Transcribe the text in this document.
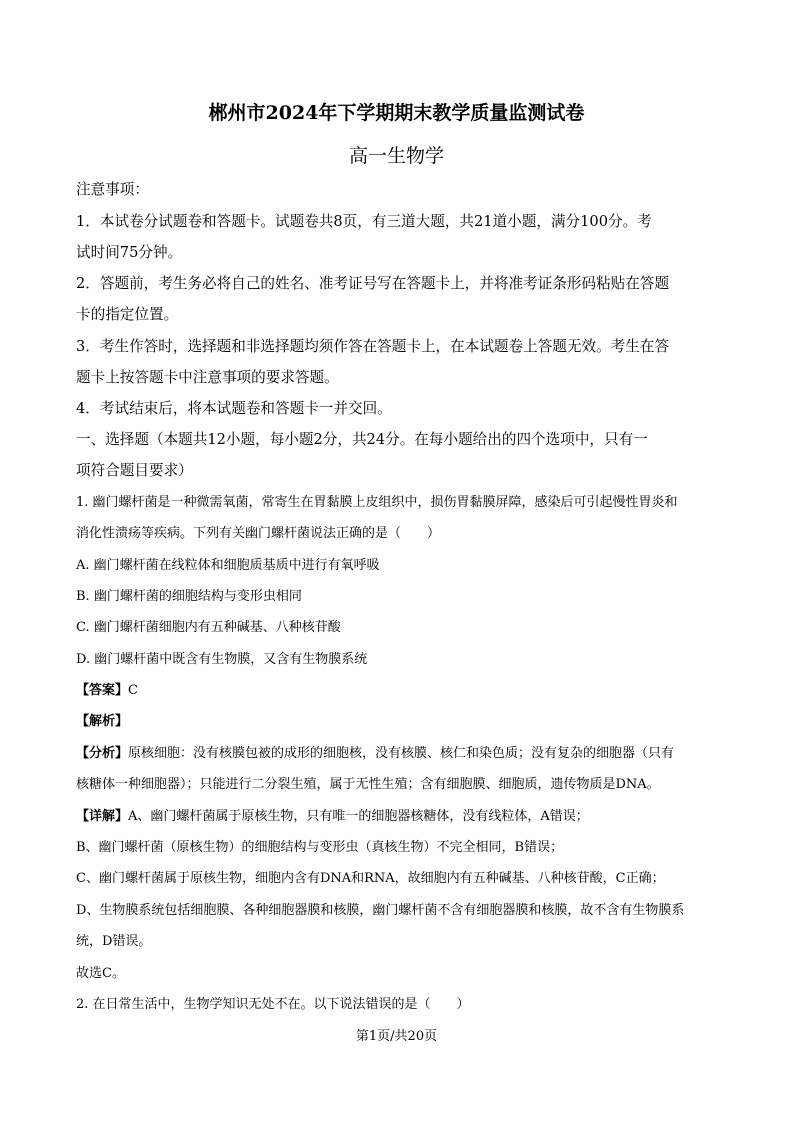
郴州市2024年下学期期末教学质量监测试卷
高一生物学
注意事项：
1．本试卷分试题卷和答题卡。试题卷共8页，有三道大题，共21道小题，满分100分。考
试时间75分钟。
2．答题前，考生务必将自己的姓名、准考证号写在答题卡上，并将准考证条形码粘贴在答题
卡的指定位置。
3．考生作答时，选择题和非选择题均须作答在答题卡上，在本试题卷上答题无效。考生在答
题卡上按答题卡中注意事项的要求答题。
4．考试结束后，将本试题卷和答题卡一并交回。
一、选择题（本题共12小题，每小题2分，共24分。在每小题给出的四个选项中，只有一
项符合题目要求）
1. 幽门螺杆菌是一种微需氧菌，常寄生在胃黏膜上皮组织中，损伤胃黏膜屏障，感染后可引起慢性胃炎和
消化性溃疡等疾病。下列有关幽门螺杆菌说法正确的是（　　）
A. 幽门螺杆菌在线粒体和细胞质基质中进行有氧呼吸
B. 幽门螺杆菌的细胞结构与变形虫相同
C. 幽门螺杆菌细胞内有五种碱基、八种核苷酸
D. 幽门螺杆菌中既含有生物膜，又含有生物膜系统
【答案】C
【解析】
【分析】原核细胞：没有核膜包被的成形的细胞核，没有核膜、核仁和染色质；没有复杂的细胞器（只有
核糖体一种细胞器）；只能进行二分裂生殖，属于无性生殖；含有细胞膜、细胞质，遗传物质是DNA。
【详解】A、幽门螺杆菌属于原核生物，只有唯一的细胞器核糖体，没有线粒体，A错误；
B、幽门螺杆菌（原核生物）的细胞结构与变形虫（真核生物）不完全相同，B错误；
C、幽门螺杆菌属于原核生物，细胞内含有DNA和RNA，故细胞内有五种碱基、八种核苷酸，C正确；
D、生物膜系统包括细胞膜、各种细胞器膜和核膜，幽门螺杆菌不含有细胞器膜和核膜，故不含有生物膜系
统，D错误。
故选C。
2. 在日常生活中，生物学知识无处不在。以下说法错误的是（　　）
第1页/共20页
